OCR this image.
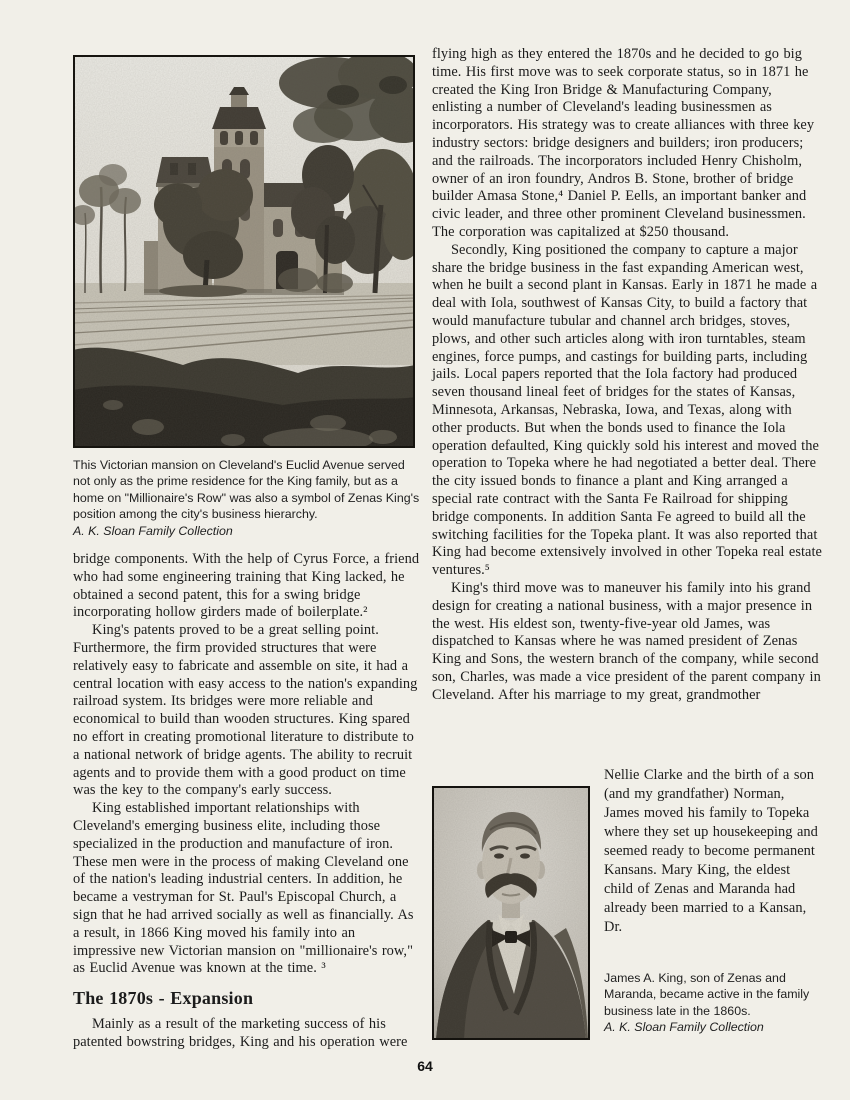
This Victorian mansion on Cleveland's Euclid Avenue served not only as the prime residence for the King family, but as a home on "Millionaire's Row" was also a symbol of Zenas King's position among the city's business hierarchy.
A. K. Sloan Family Collection

bridge components. With the help of Cyrus Force, a friend who had some engineering training that King lacked, he obtained a second patent, this for a swing bridge incorporating hollow girders made of boilerplate.²

King's patents proved to be a great selling point. Furthermore, the firm provided structures that were relatively easy to fabricate and assemble on site, it had a central location with easy access to the nation's expanding railroad system. Its bridges were more reliable and economical to build than wooden structures. King spared no effort in creating promotional literature to distribute to a national network of bridge agents. The ability to recruit agents and to provide them with a good product on time was the key to the company's early success.

King established important relationships with Cleveland's emerging business elite, including those specialized in the production and manufacture of iron. These men were in the process of making Cleveland one of the nation's leading industrial centers. In addition, he became a vestryman for St. Paul's Episcopal Church, a sign that he had arrived socially as well as financially. As a result, in 1866 King moved his family into an impressive new Victorian mansion on "millionaire's row," as Euclid Avenue was known at the time. ³

The 1870s - Expansion

Mainly as a result of the marketing success of his patented bowstring bridges, King and his operation were

flying high as they entered the 1870s and he decided to go big time. His first move was to seek corporate status, so in 1871 he created the King Iron Bridge & Manufacturing Company, enlisting a number of Cleveland's leading businessmen as incorporators. His strategy was to create alliances with three key industry sectors: bridge designers and builders; iron producers; and the railroads. The incorporators included Henry Chisholm, owner of an iron foundry, Andros B. Stone, brother of bridge builder Amasa Stone,⁴ Daniel P. Eells, an important banker and civic leader, and three other prominent Cleveland businessmen. The corporation was capitalized at $250 thousand.

Secondly, King positioned the company to capture a major share the bridge business in the fast expanding American west, when he built a second plant in Kansas. Early in 1871 he made a deal with Iola, southwest of Kansas City, to build a factory that would manufacture tubular and channel arch bridges, stoves, plows, and other such articles along with iron turntables, steam engines, force pumps, and castings for building parts, including jails. Local papers reported that the Iola factory had produced seven thousand lineal feet of bridges for the states of Kansas, Minnesota, Arkansas, Nebraska, Iowa, and Texas, along with other products. But when the bonds used to finance the Iola operation defaulted, King quickly sold his interest and moved the operation to Topeka where he had negotiated a better deal. There the city issued bonds to finance a plant and King arranged a special rate contract with the Santa Fe Railroad for shipping bridge components. In addition Santa Fe agreed to build all the switching facilities for the Topeka plant. It was also reported that King had become extensively involved in other Topeka real estate ventures.⁵

King's third move was to maneuver his family into his grand design for creating a national business, with a major presence in the west. His eldest son, twenty-five-year old James, was dispatched to Kansas where he was named president of Zenas King and Sons, the western branch of the company, while second son, Charles, was made a vice president of the parent company in Cleveland. After his marriage to my great, grandmother

Nellie Clarke and the birth of a son (and my grandfather) Norman, James moved his family to Topeka where they set up housekeeping and seemed ready to become permanent Kansans. Mary King, the eldest child of Zenas and Maranda had already been married to a Kansan, Dr.
James A. King, son of Zenas and Maranda, became active in the family business late in the 1860s.
A. K. Sloan Family Collection
64
